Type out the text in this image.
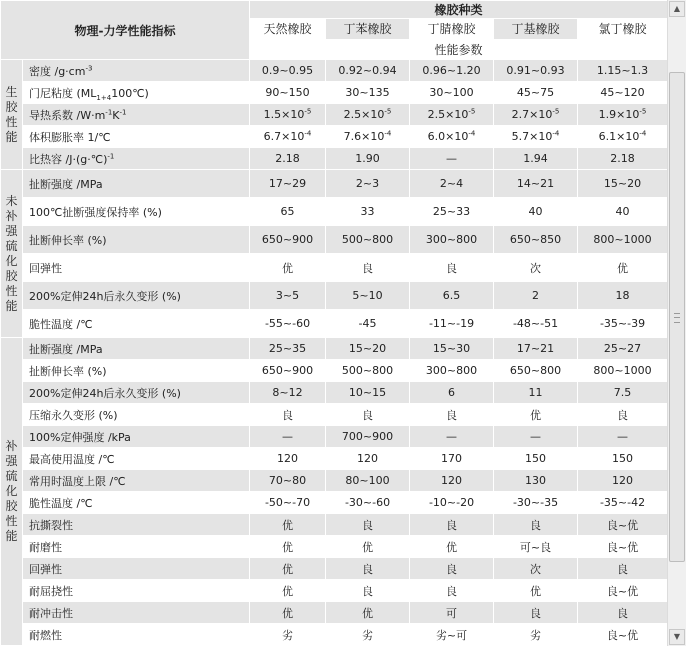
物理-力学性能指标		橡胶种类				
		天然橡胶	丁苯橡胶	丁腈橡胶	丁基橡胶	氯丁橡胶
		性能参数				
生胶性能	密度 $/g\cdot cm^{-3}$	0.9~0.95	0.92~0.94	0.96~1.20	0.91~0.93	1.15~1.3
	门尼粘度 $(ML_{1+4}100℃)$	90~150	30~135	30~100	45~75	45~120
	导热系数 $/W\cdot m^{-1}K^{-1}$	$1.5\times 10^{-5}$	$2.5\times 10^{-5}$	$2.5\times 10^{-5}$	$2.7\times 10^{-5}$	$1.9\times 10^{-5}$
	体积膨胀率 1/℃	$6.7\times 10^{-4}$	$7.6\times 10^{-4}$	$6.0\times 10^{-4}$	$5.7\times 10^{-4}$	$6.1\times 10^{-4}$
	比热容 /J·(g·℃)$^{-1}$	2.18	1.90	—	1.94	2.18
未补强硫化胶性能	扯断强度 /MPa	17~29	2~3	2~4	14~21	15~20
	100℃扯断强度保持率 (%)	65	33	25~33	40	40
	扯断伸长率 (%)	650~900	500~800	300~800	650~850	800~1000
	回弹性	优	良	良	次	优
	200%定伸24h后永久变形 (%)	3~5	5~10	6.5	2	18
	脆性温度 /℃	-55~-60	-45	-11~-19	-48~-51	-35~-39
补强硫化胶性能	扯断强度 /MPa	25~35	15~20	15~30	17~21	25~27
	扯断伸长率 (%)	650~900	500~800	300~800	650~800	800~1000
	200%定伸24h后永久变形 (%)	8~12	10~15	6	11	7.5
	压缩永久变形 (%)	良	良	良	优	良
	100%定伸强度 /kPa	—	700~900	—	—	—
	最高使用温度 /℃	120	120	170	150	150
	常用时温度上限 /℃	70~80	80~100	120	130	120
	脆性温度 /℃	-50~-70	-30~-60	-10~-20	-30~-35	-35~-42
	抗撕裂性	优	良	良	良	良~优
	耐磨性	优	优	优	可~良	良~优
	回弹性	优	良	良	次	良
	耐屈挠性	优	良	良	优	良~优
	耐冲击性	优	优	可	良	良
	耐燃性	劣	劣	劣~可	劣	良~优
▲
▼
